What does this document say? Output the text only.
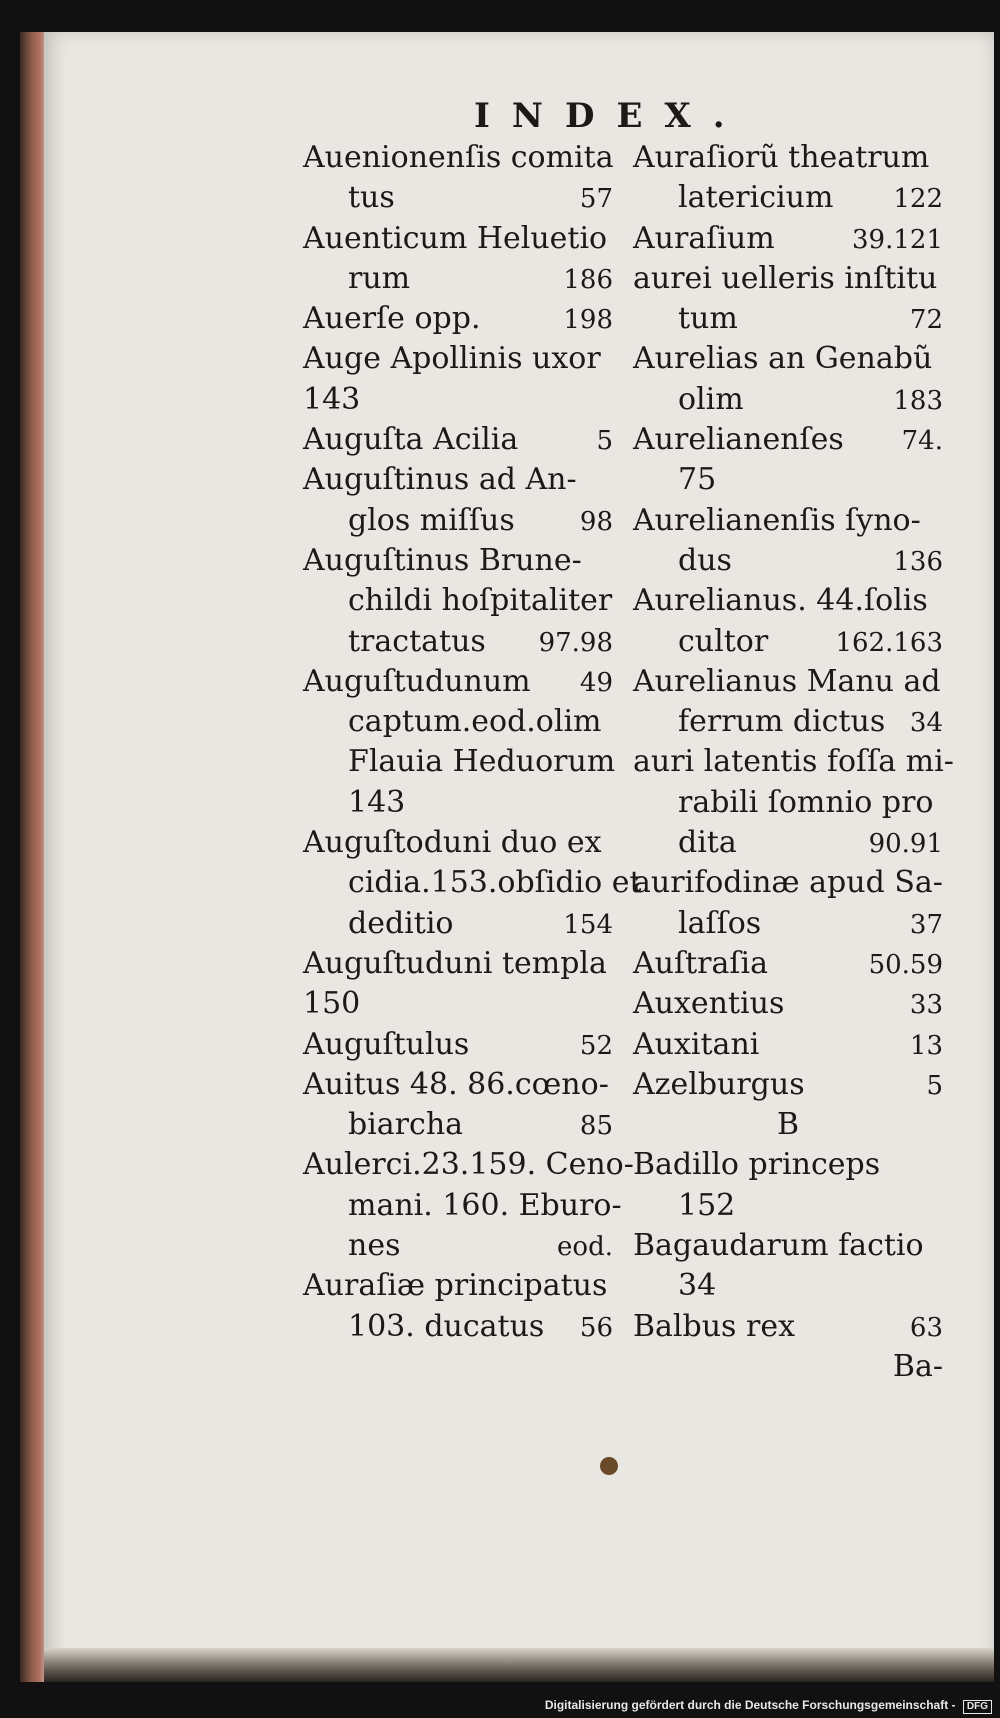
INDEX.
Auenionenſis comita
tus	57
Auenticum Heluetio
rum	186
Auerſe opp.	198
Auge Apollinis uxor
143
Auguſta Acilia	5
Auguſtinus ad An-
glos miſſus	98
Auguſtinus Brune-
childi hoſpitaliter
tractatus 97.98
Auguſtudunum 49
captum.eod.olim
Flauia Heduorum
143
Auguſtoduni duo ex
cidia.153.obſidio et
deditio	154
Auguſtuduni templa
150
Auguſtulus	52
Auitus 48. 86.cœno-
biarcha	85
Aulerci.23.159. Ceno-
mani. 160. Eburo-
nes	eod.
Auraſiæ principatus
103. ducatus 56
Auraſiorũ theatrum
latericium 122
Auraſium	39.121
aurei uelleris inſtitu
tum	72
Aurelias an Genabũ
olim	183
Aurelianenſes 74.
75
Aurelianenſis ſyno-
dus	136
Aurelianus. 44.ſolis
cultor	162.163
Aurelianus Manu ad
ferrum dictus 34
auri latentis foſſa mi-
rabili ſomnio pro
dita	90.91
aurifodinæ apud Sa-
laſſos	37
Auſtraſia	50.59
Auxentius	33
Auxitani	13
Azelburgus	5
B
Badillo princeps
152
Bagaudarum factio
34
Balbus rex	63
Ba-
Digitalisierung gefördert durch die Deutsche Forschungsgemeinschaft - DFG
